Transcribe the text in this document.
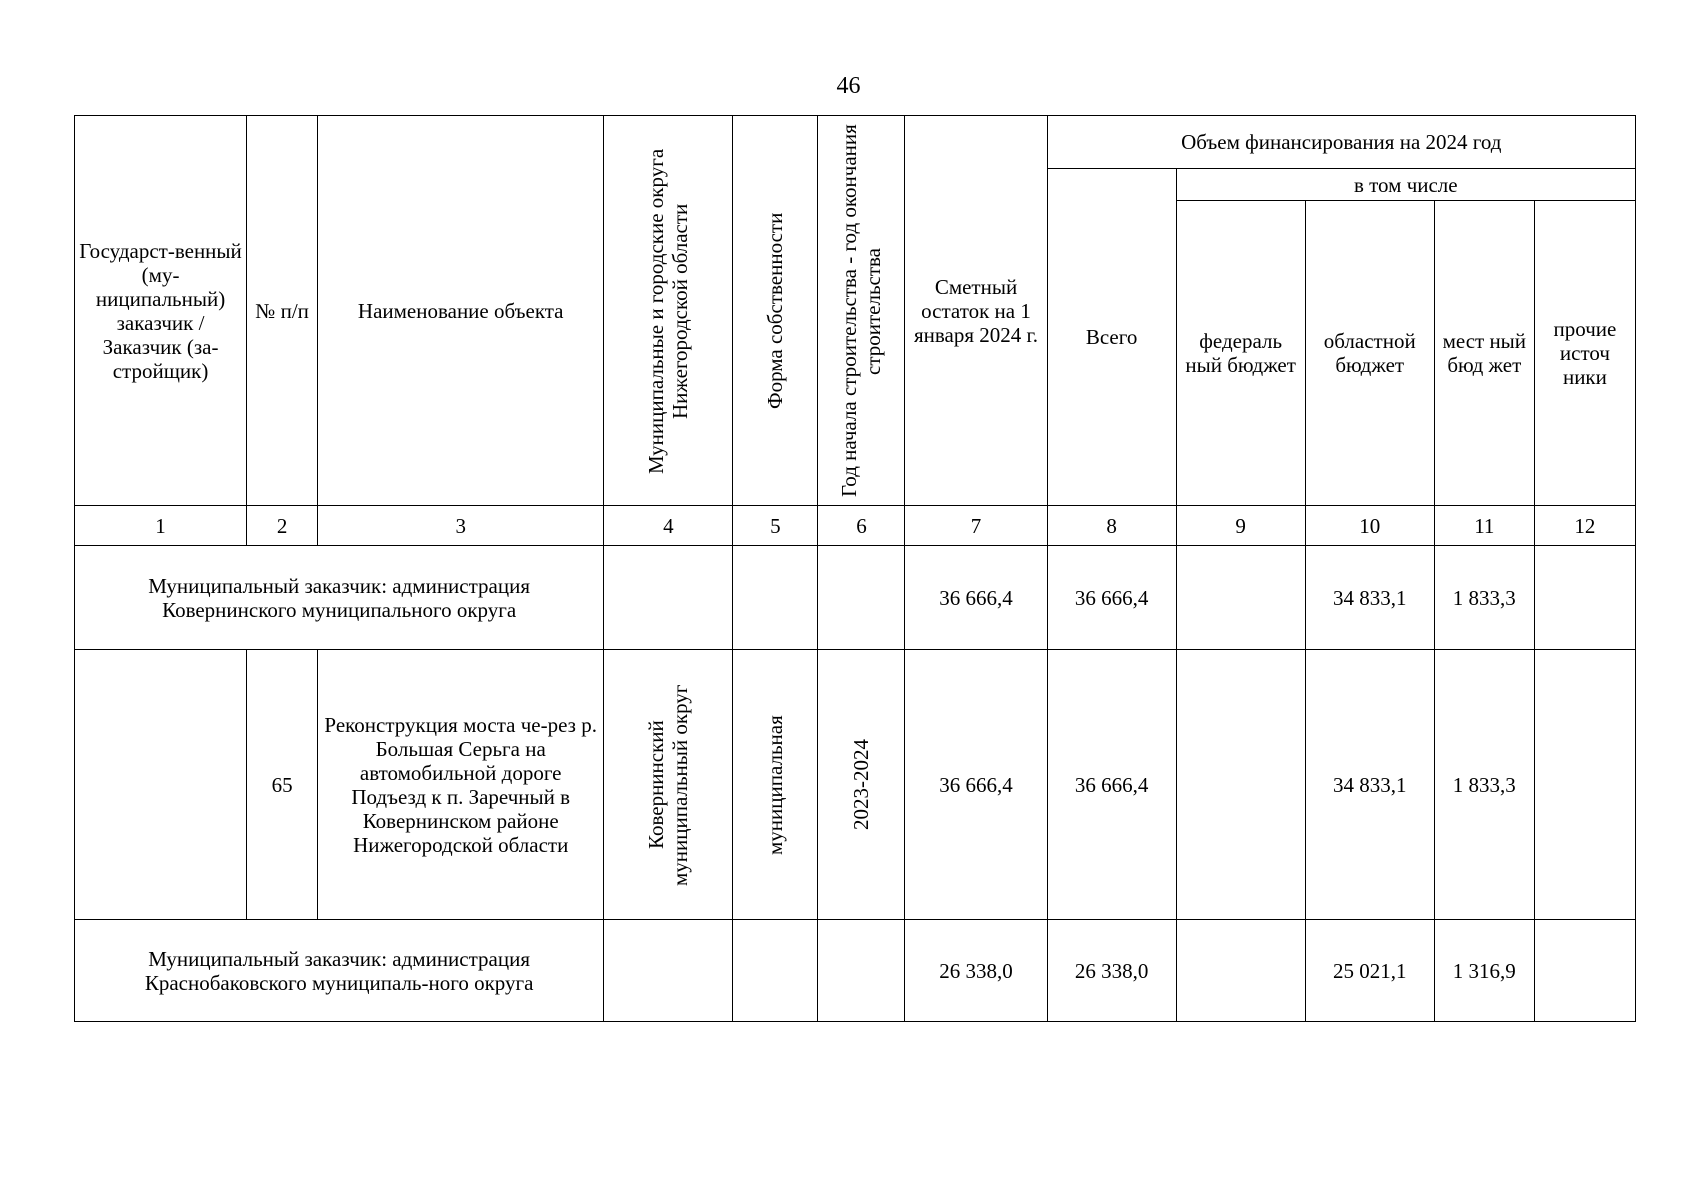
46
Государст-венный (му-ниципальный) заказчик / Заказчик (за-стройщик)	№ п/п	Наименование объекта	Муниципальные и городские округа Нижегородской области	Форма собственности	Год начала строительства - год окончания строительства	Сметный остаток на 1 января 2024 г.	Объем финансирования на 2024 год				
							Всего	в том числе			
								федераль ный бюджет	областной бюджет	мест ный бюд жет	прочие источ ники
1	2	3	4	5	6	7	8	9	10	11	12
Муниципальный заказчик: администрация Ковернинского муниципального округа						36 666,4	36 666,4		34 833,1	1 833,3	
	65	Реконструкция моста че-рез р. Большая Серьга на автомобильной дороге Подъезд к п. Заречный в Ковернинском районе Нижегородской области	Ковернинский муниципальный округ	муниципальная	2023-2024	36 666,4	36 666,4		34 833,1	1 833,3	
Муниципальный заказчик: администрация Краснобаковского муниципаль-ного округа						26 338,0	26 338,0		25 021,1	1 316,9	
